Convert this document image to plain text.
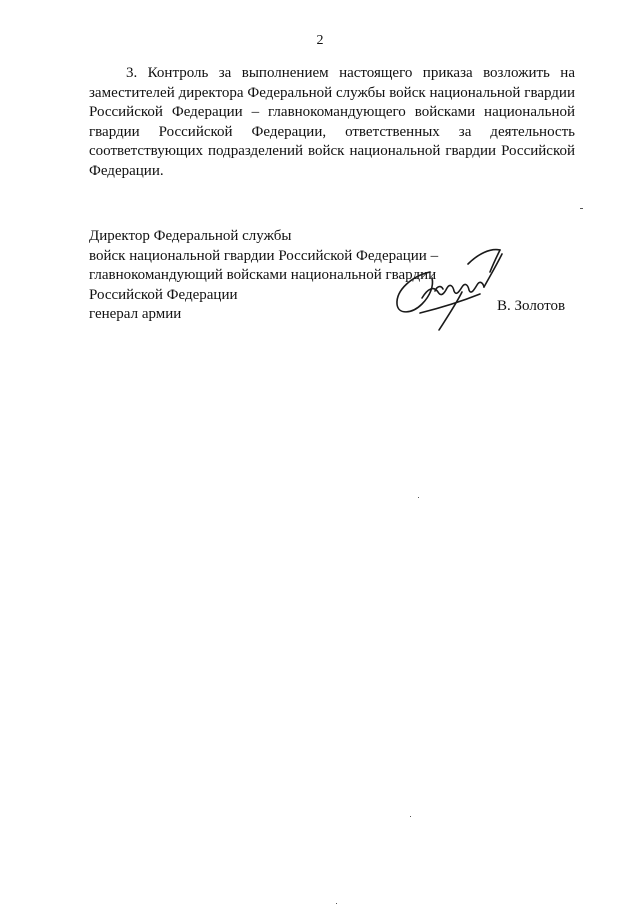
2

3. Контроль за выполнением настоящего приказа возложить на заместителей директора Федеральной службы войск национальной гвардии Российской Федерации – главнокомандующего войсками национальной гвардии Российской Федерации, ответственных за деятельность соответствующих подразделений войск национальной гвардии Российской Федерации.

Директор Федеральной службы
войск национальной гвардии Российской Федерации –
главнокомандующий войсками национальной гвардии
Российской Федерации
генерал армии	В. Золотов
